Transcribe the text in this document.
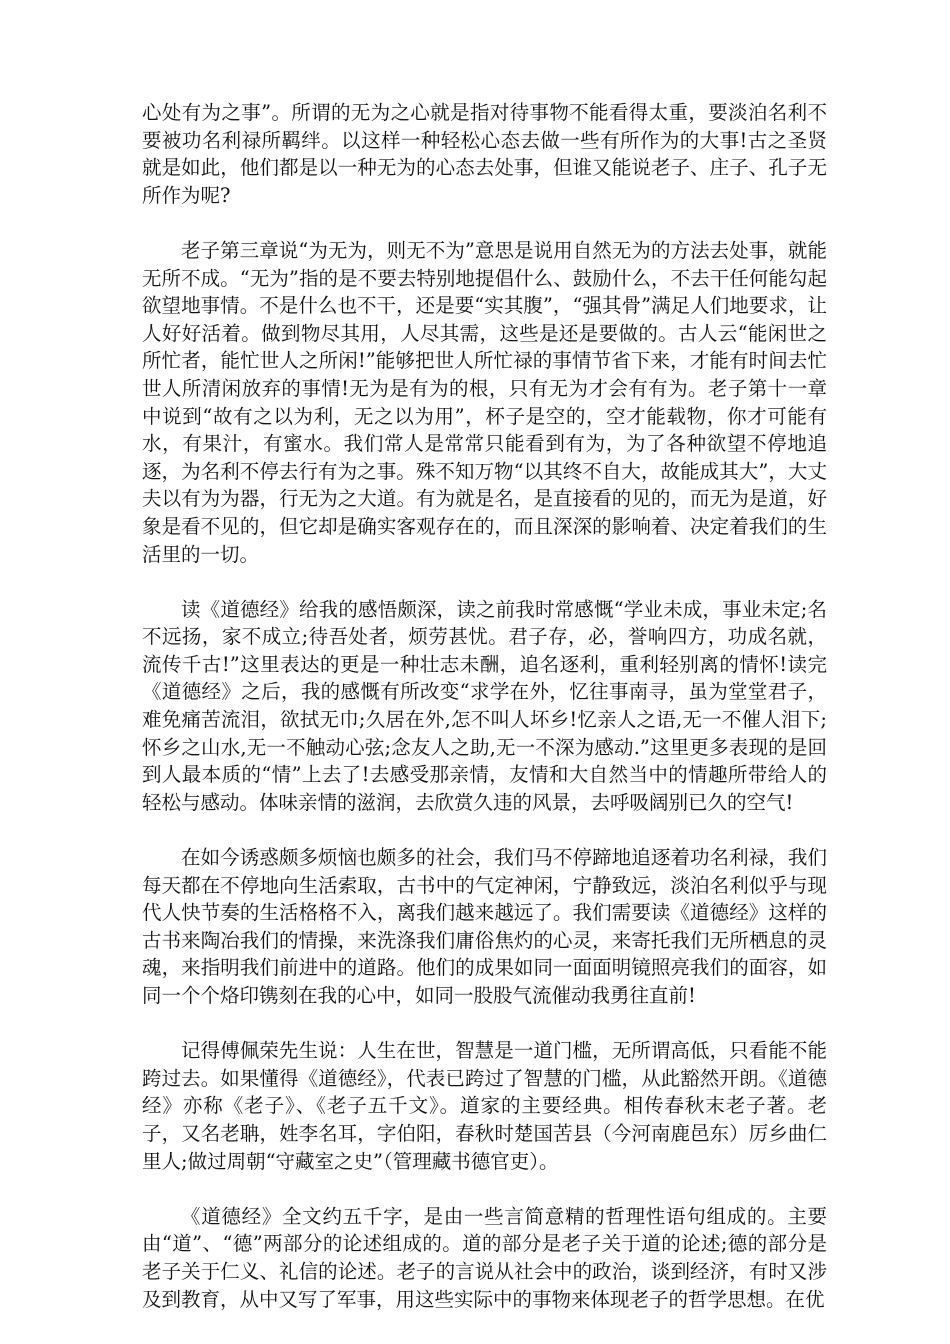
心处有为之事”。所谓的无为之心就是指对待事物不能看得太重，要淡泊名利不要被功名利禄所羁绊。以这样一种轻松心态去做一些有所作为的大事!古之圣贤就是如此，他们都是以一种无为的心态去处事，但谁又能说老子、庄子、孔子无所作为呢?

老子第三章说“为无为，则无不为”意思是说用自然无为的方法去处事，就能无所不成。“无为”指的是不要去特别地提倡什么、鼓励什么，不去干任何能勾起欲望地事情。不是什么也不干，还是要“实其腹”，“强其骨”满足人们地要求，让人好好活着。做到物尽其用，人尽其需，这些是还是要做的。古人云“能闲世之所忙者，能忙世人之所闲!”能够把世人所忙禄的事情节省下来，才能有时间去忙世人所清闲放弃的事情!无为是有为的根，只有无为才会有有为。老子第十一章中说到“故有之以为利，无之以为用”，杯子是空的，空才能载物，你才可能有水，有果汁，有蜜水。我们常人是常常只能看到有为，为了各种欲望不停地追逐，为名利不停去行有为之事。殊不知万物“以其终不自大，故能成其大”，大丈夫以有为为器，行无为之大道。有为就是名，是直接看的见的，而无为是道，好象是看不见的，但它却是确实客观存在的，而且深深的影响着、决定着我们的生活里的一切。

读《道德经》给我的感悟颇深，读之前我时常感慨“学业未成，事业未定;名不远扬，家不成立;待吾处者，烦劳甚忧。君子存，必，誉响四方，功成名就，流传千古!”这里表达的更是一种壮志未酬，追名逐利，重利轻别离的情怀!读完《道德经》之后，我的感慨有所改变“求学在外，忆往事南寻，虽为堂堂君子，难免痛苦流泪，欲拭无巾;久居在外,怎不叫人坏乡!忆亲人之语,无一不催人泪下;怀乡之山水,无一不触动心弦;念友人之助,无一不深为感动.”这里更多表现的是回到人最本质的“情”上去了!去感受那亲情，友情和大自然当中的情趣所带给人的轻松与感动。体味亲情的滋润，去欣赏久违的风景，去呼吸阔别已久的空气!

在如今诱惑颇多烦恼也颇多的社会，我们马不停蹄地追逐着功名利禄，我们每天都在不停地向生活索取，古书中的气定神闲，宁静致远，淡泊名利似乎与现代人快节奏的生活格格不入，离我们越来越远了。我们需要读《道德经》这样的古书来陶冶我们的情操，来洗涤我们庸俗焦灼的心灵，来寄托我们无所栖息的灵魂，来指明我们前进中的道路。他们的成果如同一面面明镜照亮我们的面容，如同一个个烙印镌刻在我的心中，如同一股股气流催动我勇往直前!

记得傅佩荣先生说：人生在世，智慧是一道门槛，无所谓高低，只看能不能跨过去。如果懂得《道德经》，代表已跨过了智慧的门槛，从此豁然开朗。《道德经》亦称《老子》、《老子五千文》。道家的主要经典。相传春秋末老子著。老子，又名老聃，姓李名耳，字伯阳，春秋时楚国苦县（今河南鹿邑东）厉乡曲仁里人;做过周朝“守藏室之史”（管理藏书德官吏）。

《道德经》全文约五千字，是由一些言简意精的哲理性语句组成的。主要由“道”、“德”两部分的论述组成的。道的部分是老子关于道的论述;德的部分是老子关于仁义、礼信的论述。老子的言说从社会中的政治，谈到经济，有时又涉及到教育，从中又写了军事，用这些实际中的事物来体现老子的哲学思想。在优
